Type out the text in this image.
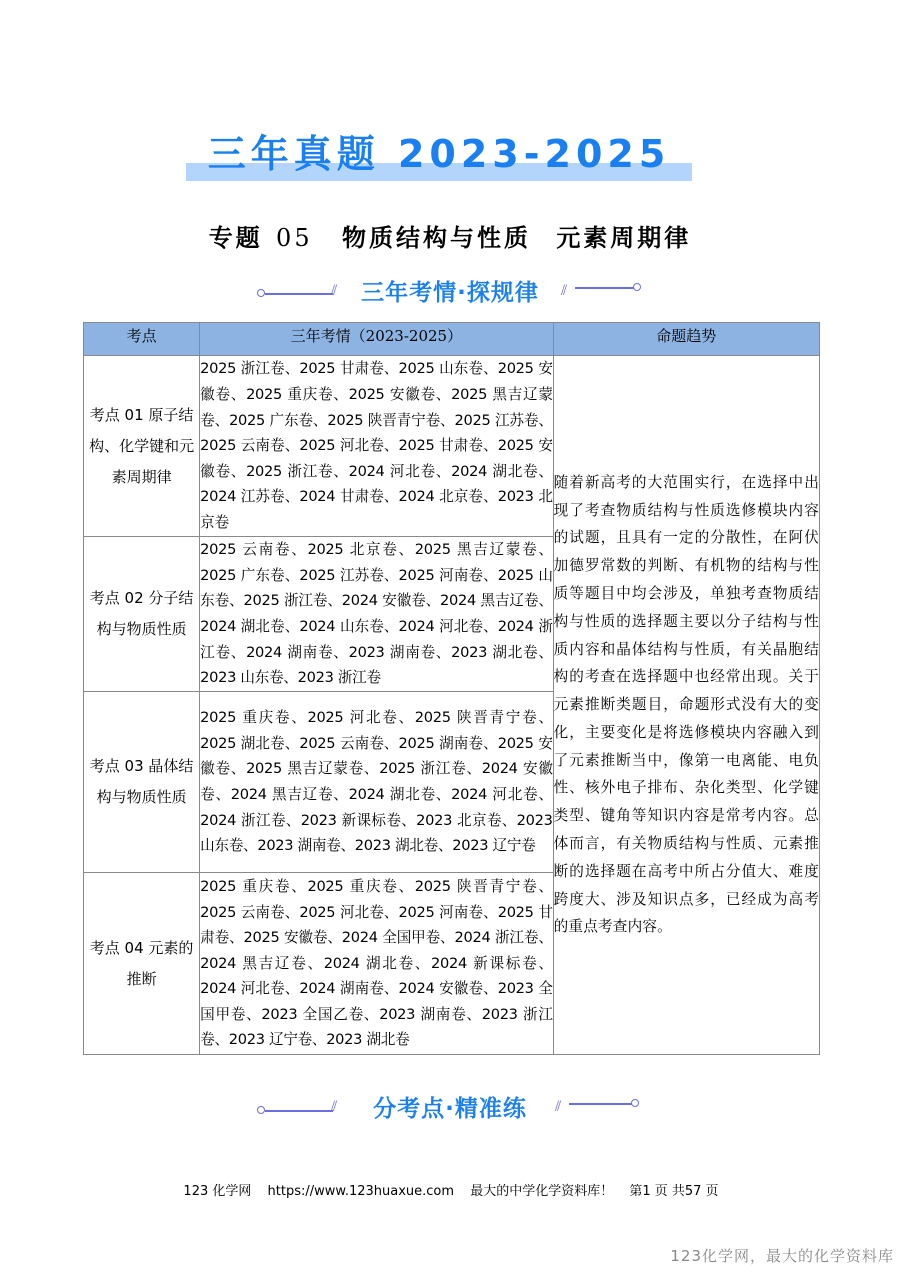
三年真题 2023-2025
专题 05 物质结构与性质 元素周期律
⫽	⫽
三年考情·探规律
考点	三年考情（2023-2025）	命题趋势
考点 01 原子结构、化学键和元素周期律	2025 浙江卷、2025 甘肃卷、2025 山东卷、2025 安徽卷、2025 重庆卷、2025 安徽卷、2025 黑吉辽蒙卷、2025 广东卷、2025 陕晋青宁卷、2025 江苏卷、2025 云南卷、2025 河北卷、2025 甘肃卷、2025 安徽卷、2025 浙江卷、2024 河北卷、2024 湖北卷、2024 江苏卷、2024 甘肃卷、2024 北京卷、2023 北京卷	随着新高考的大范围实行，在选择中出现了考查物质结构与性质选修模块内容的试题，且具有一定的分散性，在阿伏加德罗常数的判断、有机物的结构与性质等题目中均会涉及，单独考查物质结构与性质的选择题主要以分子结构与性质内容和晶体结构与性质，有关晶胞结构的考查在选择题中也经常出现。关于元素推断类题目，命题形式没有大的变化，主要变化是将选修模块内容融入到了元素推断当中，像第一电离能、电负性、核外电子排布、杂化类型、化学键类型、键角等知识内容是常考内容。总体而言，有关物质结构与性质、元素推断的选择题在高考中所占分值大、难度跨度大、涉及知识点多，已经成为高考的重点考查内容。
考点 02 分子结构与物质性质	2025 云南卷、2025 北京卷、2025 黑吉辽蒙卷、2025 广东卷、2025 江苏卷、2025 河南卷、2025 山东卷、2025 浙江卷、2024 安徽卷、2024 黑吉辽卷、2024 湖北卷、2024 山东卷、2024 河北卷、2024 浙江卷、2024 湖南卷、2023 湖南卷、2023 湖北卷、2023 山东卷、2023 浙江卷	
考点 03 晶体结构与物质性质	2025 重庆卷、2025 河北卷、2025 陕晋青宁卷、2025 湖北卷、2025 云南卷、2025 湖南卷、2025 安徽卷、2025 黑吉辽蒙卷、2025 浙江卷、2024 安徽卷、2024 黑吉辽卷、2024 湖北卷、2024 河北卷、2024 浙江卷、2023 新课标卷、2023 北京卷、2023 山东卷、2023 湖南卷、2023 湖北卷、2023 辽宁卷	
考点 04 元素的推断	2025 重庆卷、2025 重庆卷、2025 陕晋青宁卷、2025 云南卷、2025 河北卷、2025 河南卷、2025 甘肃卷、2025 安徽卷、2024 全国甲卷、2024 浙江卷、2024 黑吉辽卷、2024 湖北卷、2024 新课标卷、2024 河北卷、2024 湖南卷、2024 安徽卷、2023 全国甲卷、2023 全国乙卷、2023 湖南卷、2023 浙江卷、2023 辽宁卷、2023 湖北卷	
⫽	⫽
分考点·精准练
123 化学网 https://www.123huaxue.com 最大的中学化学资料库！ 第1 页 共57 页
123化学网，最大的化学资料库
